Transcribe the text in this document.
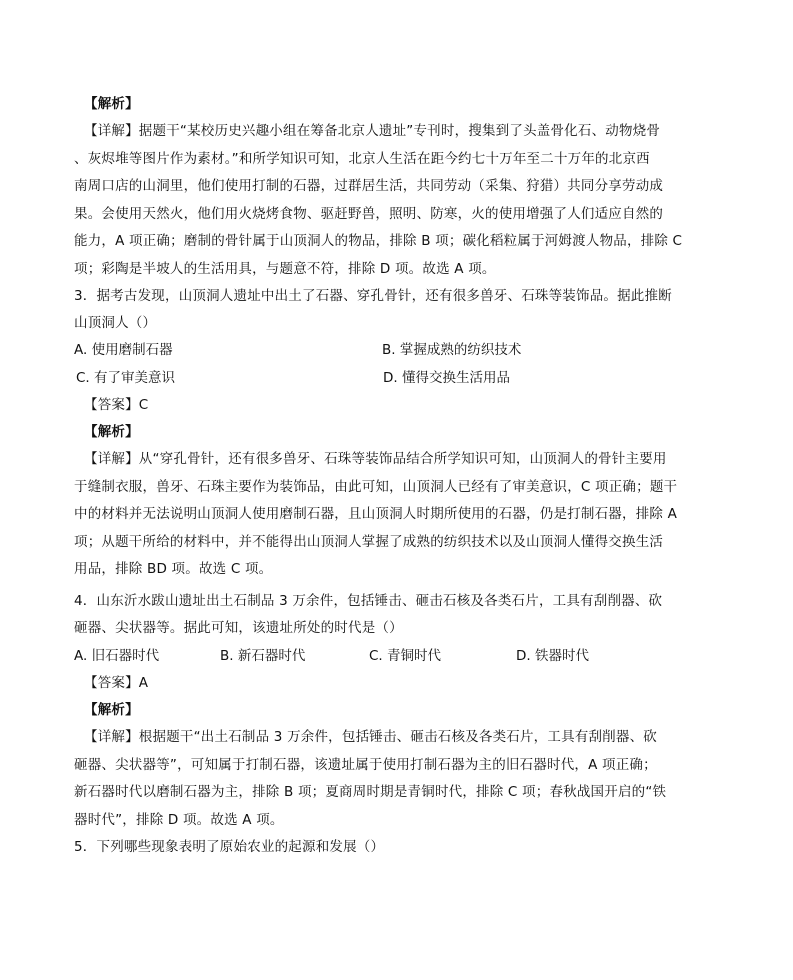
【解析】
【详解】据题干“某校历史兴趣小组在筹备北京人遗址”专刊时，搜集到了头盖骨化石、动物烧骨
、灰烬堆等图片作为素材。”和所学知识可知，北京人生活在距今约七十万年至二十万年的北京西
南周口店的山洞里，他们使用打制的石器，过群居生活，共同劳动（采集、狩猎）共同分享劳动成
果。会使用天然火，他们用火烧烤食物、驱赶野兽，照明、防寒，火的使用增强了人们适应自然的
能力，A 项正确；磨制的骨针属于山顶洞人的物品，排除 B 项；碳化稻粒属于河姆渡人物品，排除 C
项；彩陶是半坡人的生活用具，与题意不符，排除 D 项。故选 A 项。
3．据考古发现，山顶洞人遗址中出土了石器、穿孔骨针，还有很多兽牙、石珠等装饰品。据此推断
山顶洞人（）
A. 使用磨制石器	B. 掌握成熟的纺织技术
C. 有了审美意识	D. 懂得交换生活用品
【答案】C
【解析】
【详解】从“穿孔骨针，还有很多兽牙、石珠等装饰品结合所学知识可知，山顶洞人的骨针主要用
于缝制衣服，兽牙、石珠主要作为装饰品，由此可知，山顶洞人已经有了审美意识，C 项正确；题干
中的材料并无法说明山顶洞人使用磨制石器，且山顶洞人时期所使用的石器，仍是打制石器，排除 A
项；从题干所给的材料中，并不能得出山顶洞人掌握了成熟的纺织技术以及山顶洞人懂得交换生活
用品，排除 BD 项。故选 C 项。
4．山东沂水跋山遗址出土石制品 3 万余件，包括锤击、砸击石核及各类石片，工具有刮削器、砍
砸器、尖状器等。据此可知，该遗址所处的时代是（）
A. 旧石器时代	B. 新石器时代	C. 青铜时代	D. 铁器时代
【答案】A
【解析】
【详解】根据题干“出土石制品 3 万余件，包括锤击、砸击石核及各类石片，工具有刮削器、砍
砸器、尖状器等”，可知属于打制石器，该遗址属于使用打制石器为主的旧石器时代，A 项正确；
新石器时代以磨制石器为主，排除 B 项；夏商周时期是青铜时代，排除 C 项；春秋战国开启的“铁
器时代”，排除 D 项。故选 A 项。
5．下列哪些现象表明了原始农业的起源和发展（）
